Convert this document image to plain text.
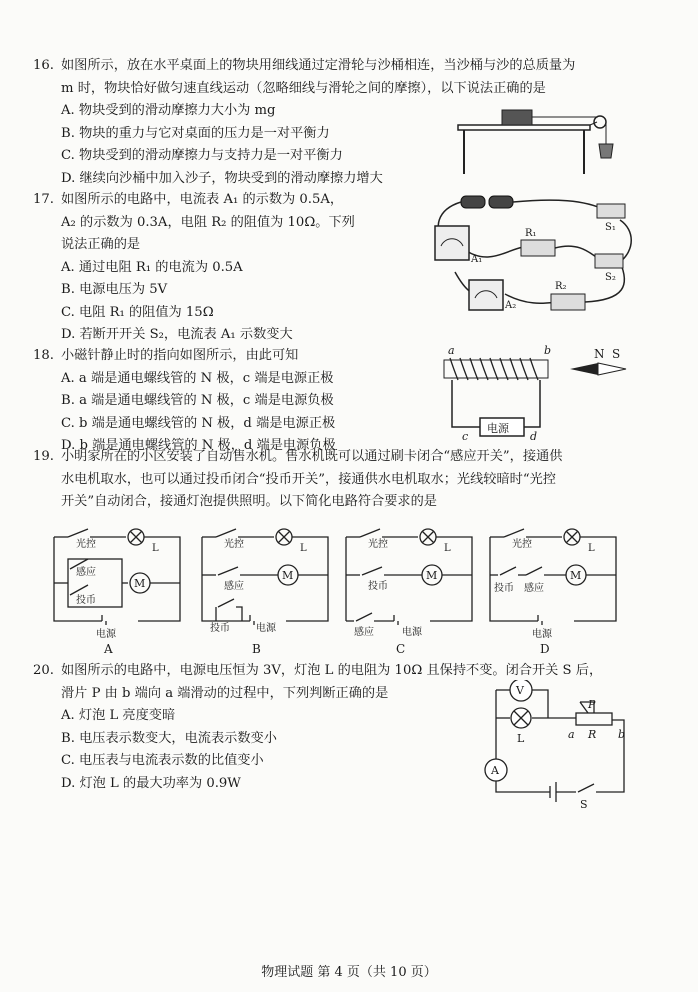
16. 如图所示，放在水平桌面上的物块用细线通过定滑轮与沙桶相连，当沙桶与沙的总质量为
m 时，物块恰好做匀速直线运动（忽略细线与滑轮之间的摩擦），以下说法正确的是
A. 物块受到的滑动摩擦力大小为 mg
B. 物块的重力与它对桌面的压力是一对平衡力
C. 物块受到的滑动摩擦力与支持力是一对平衡力
D. 继续向沙桶中加入沙子，物块受到的滑动摩擦力增大
17. 如图所示的电路中，电流表 A₁ 的示数为 0.5A，
A₂ 的示数为 0.3A，电阻 R₂ 的阻值为 10Ω。下列
说法正确的是
A. 通过电阻 R₁ 的电流为 0.5A
B. 电源电压为 5V
C. 电阻 R₁ 的阻值为 15Ω
D. 若断开开关 S₂，电流表 A₁ 示数变大
A₁
A₂
R₁
R₂
S₁
S₂
18. 小磁针静止时的指向如图所示，由此可知
A. a 端是通电螺线管的 N 极，c 端是电源正极
B. a 端是通电螺线管的 N 极，c 端是电源负极
C. b 端是通电螺线管的 N 极，d 端是电源正极
D. b 端是通电螺线管的 N 极，d 端是电源负极
a	b
电源
c	d
N S
19. 小明家所在的小区安装了自动售水机。售水机既可以通过刷卡闭合“感应开关”，接通供
水电机取水，也可以通过投币闭合“投币开关”，接通供水电机取水；光线较暗时“光控
开关”自动闭合，接通灯泡提供照明。以下简化电路符合要求的是
光控	L
感应
投币
M
电源
A
光控	L
感应
投币
M
电源
B
光控	L
投币
感应
M
电源
C
光控	L
投币 感应
M
电源
D
20. 如图所示的电路中，电源电压恒为 3V，灯泡 L 的电阻为 10Ω 且保持不变。闭合开关 S 后，
滑片 P 由 b 端向 a 端滑动的过程中，下列判断正确的是
A. 灯泡 L 亮度变暗
B. 电压表示数变大，电流表示数变小
C. 电压表与电流表示数的比值变小
D. 灯泡 L 的最大功率为 0.9W
V
L
A
P
R
a	b
S
物理试题 第 4 页（共 10 页）
